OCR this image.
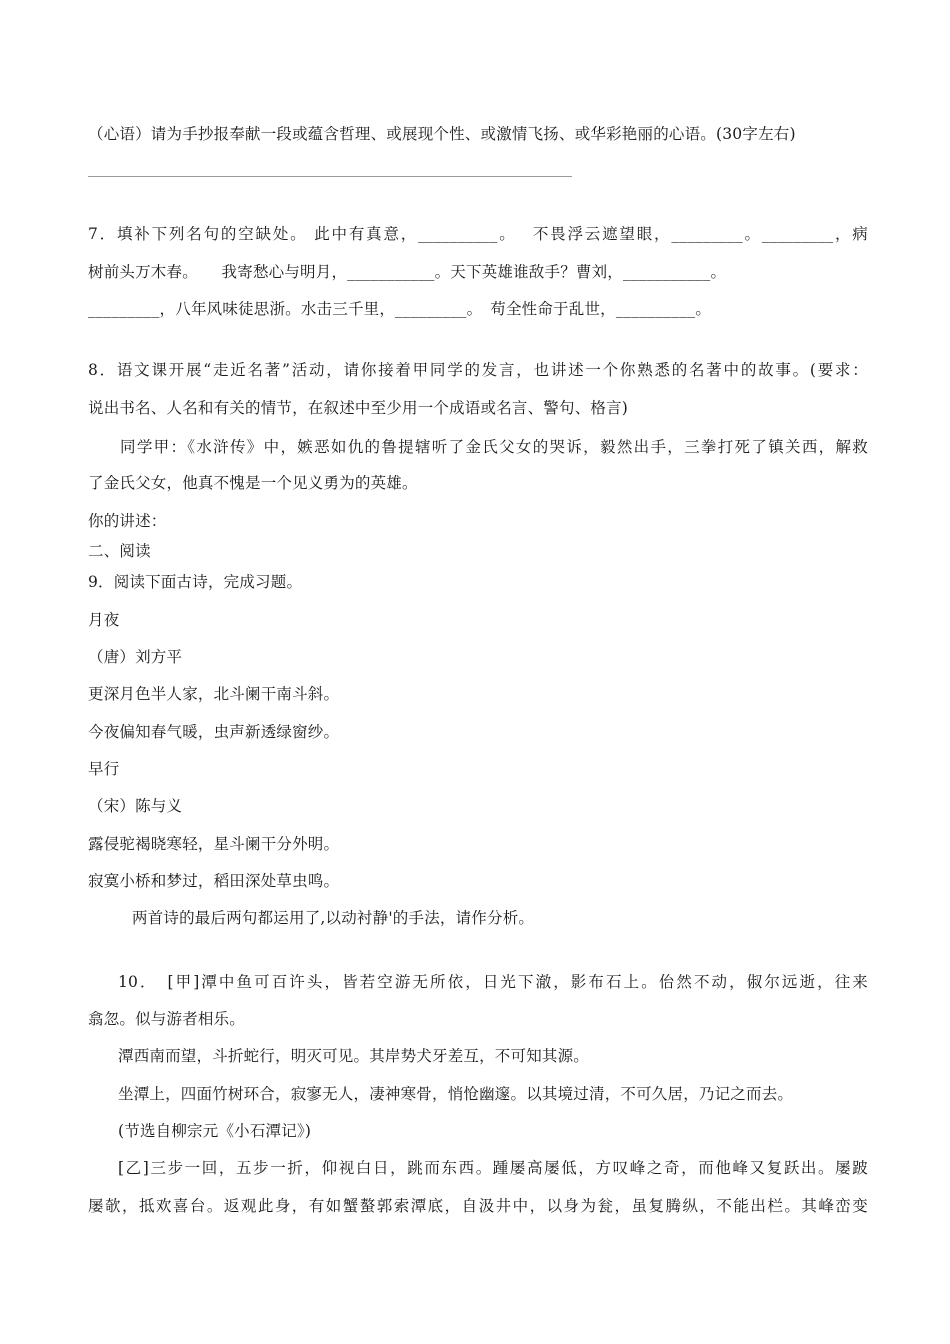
（心语）请为手抄报奉献一段或蕴含哲理、或展现个性、或激情飞扬、或华彩艳丽的心语。(30字左右)
7．填补下列名句的空缺处。 此中有真意，__________。　 不畏浮云遮望眼，_________。_________，病
树前头万木春。　　我寄愁心与明月，___________。天下英雄谁敌手？曹刘，___________。
_________，八年风味徒思浙。水击三千里，_________。　苟全性命于乱世，__________。
8．语文课开展“走近名著”活动，请你接着甲同学的发言，也讲述一个你熟悉的名著中的故事。(要求：
说出书名、人名和有关的情节，在叙述中至少用一个成语或名言、警句、格言)
同学甲：《水浒传》中，嫉恶如仇的鲁提辖听了金氏父女的哭诉，毅然出手，三拳打死了镇关西，解救
了金氏父女，他真不愧是一个见义勇为的英雄。
你的讲述：
二、阅读
9．阅读下面古诗，完成习题。
月夜
（唐）刘方平
更深月色半人家，北斗阑干南斗斜。
今夜偏知春气暖，虫声新透绿窗纱。
早行
（宋）陈与义
露侵驼褐晓寒轻，星斗阑干分外明。
寂寞小桥和梦过，稻田深处草虫鸣。
两首诗的最后两句都运用了,以动衬静'的手法，请作分析。
10．　[甲]潭中鱼可百许头，皆若空游无所依，日光下澈，影布石上。佁然不动，俶尔远逝，往来
翕忽。似与游者相乐。
潭西南而望，斗折蛇行，明灭可见。其岸势犬牙差互，不可知其源。
坐潭上，四面竹树环合，寂寥无人，凄神寒骨，悄怆幽邃。以其境过清，不可久居，乃记之而去。
(节选自柳宗元《小石潭记》)
[乙]三步一回，五步一折，仰视白日，跳而东西。踵屡高屡低，方叹峰之奇，而他峰又复跃出。屡跛
屡欹，抵欢喜台。返观此身，有如蟹螯郭索潭底，自汲井中，以身为瓮，虽复腾纵，不能出栏。其峰峦变
